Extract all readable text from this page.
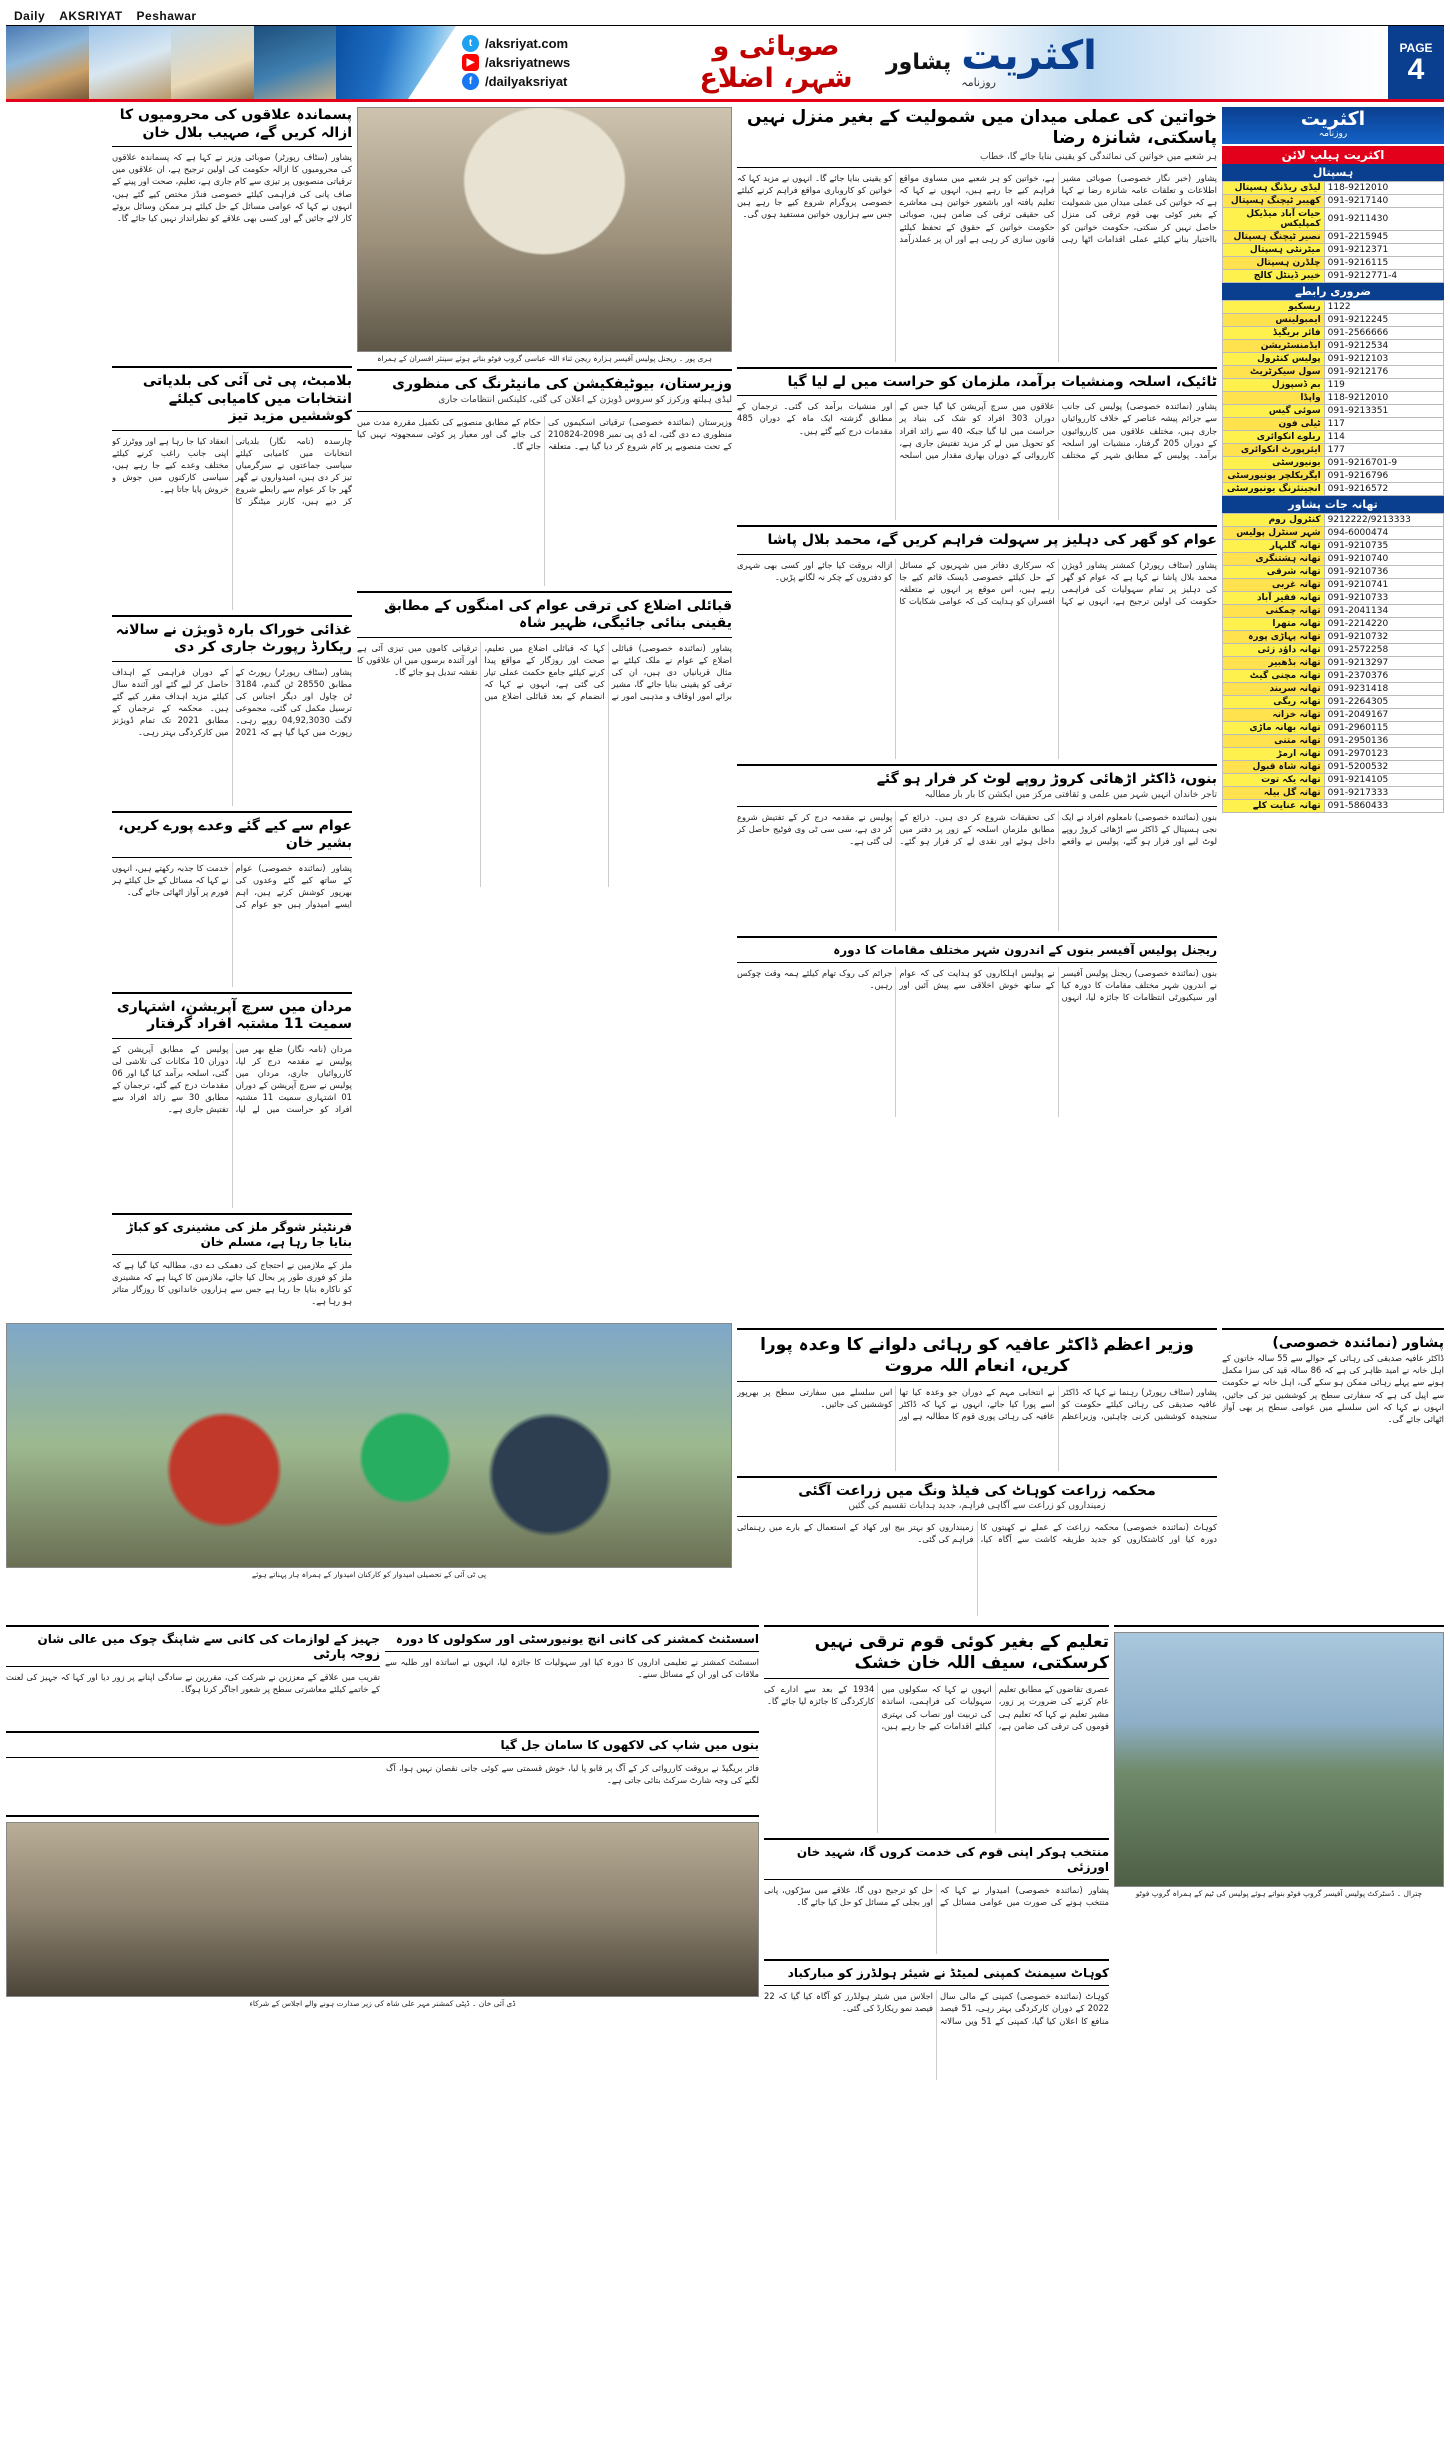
Daily AKSRIYAT Peshawar
t /aksriyat.com
▶ /aksriyatnews
f /dailyaksriyat
صوبائی و شہر، اضلاع	پشاور اکثریت
روزنامہ
PAGE
4
اکثریت
روزنامہ
اکثریت ہیلپ لائن
ہسپتال
118-9212010	لیڈی ریڈنگ ہسپتال
091-9217140	کھیبر ٹیچنگ ہسپتال
091-9211430	حیات آباد میڈیکل کمپلیکس
091-2215945	نصیر ٹیچنگ ہسپتال
091-9212371	میٹرنٹی ہسپتال
091-9216115	چلڈرن ہسپتال
091-9212771-4	خیبر ڈینٹل کالج
ضروری رابطے
1122	ریسکیو
091-9212245	ایمبولینس
091-2566666	فائر بریگیڈ
091-9212534	ایڈمنسٹریشن
091-9212103	پولیس کنٹرول
091-9212176	سول سیکرٹریٹ
119	بم ڈسپوزل
118-9212010	واپڈا
091-9213351	سوئی گیس
117	ٹیلی فون
114	ریلوے انکوائری
177	ایئرپورٹ انکوائری
091-9216701-9	یونیورسٹی
091-9216796	ایگریکلچر یونیورسٹی
091-9216572	انجینئرنگ یونیورسٹی
تھانہ جات پشاور
9212222/9213333	کنٹرول روم
094-6000474	شہر سنٹرل پولیس
091-9210735	تھانہ گلبہار
091-9210740	تھانہ ہشتنگری
091-9210736	تھانہ شرقی
091-9210741	تھانہ غربی
091-9210733	تھانہ فقیر آباد
091-2041134	تھانہ چمکنی
091-2214220	تھانہ متھرا
091-9210732	تھانہ پہاڑی پورہ
091-2572258	تھانہ داؤد زئی
091-9213297	تھانہ بڈھبیر
091-2370376	تھانہ مچنی گیٹ
091-9231418	تھانہ سربند
091-2264305	تھانہ ریگی
091-2049167	تھانہ خزانہ
091-2960115	تھانہ بھانہ ماڑی
091-2950136	تھانہ متنی
091-2970123	تھانہ ارمڑ
091-5200532	تھانہ شاہ قبول
091-9214105	تھانہ یکہ توت
091-9217333	تھانہ گل بیلہ
091-5860433	تھانہ عنایت کلے
خواتین کی عملی میدان میں شمولیت کے بغیر منزل نہیں پاسکتی، شانزہ رضا
ہر شعبے میں خواتین کی نمائندگی کو یقینی بنایا جائے گا، خطاب
پشاور (خبر نگار خصوصی) صوبائی مشیر اطلاعات و تعلقات عامہ شانزہ رضا نے کہا ہے کہ خواتین کی عملی میدان میں شمولیت کے بغیر کوئی بھی قوم ترقی کی منزل حاصل نہیں کر سکتی، حکومت خواتین کو بااختیار بنانے کیلئے عملی اقدامات اٹھا رہی ہے، خواتین کو ہر شعبے میں مساوی مواقع فراہم کیے جا رہے ہیں، انہوں نے کہا کہ تعلیم یافتہ اور باشعور خواتین ہی معاشرے کی حقیقی ترقی کی ضامن ہیں، صوبائی حکومت خواتین کے حقوق کے تحفظ کیلئے قانون سازی کر رہی ہے اور ان پر عملدرآمد کو یقینی بنایا جائے گا۔ انہوں نے مزید کہا کہ خواتین کو کاروباری مواقع فراہم کرنے کیلئے خصوصی پروگرام شروع کیے جا رہے ہیں جس سے ہزاروں خواتین مستفید ہوں گی۔
ٹائیک، اسلحہ ومنشیات برآمد، ملزمان کو حراست میں لے لیا گیا
پشاور (نمائندہ خصوصی) پولیس کی جانب سے جرائم پیشہ عناصر کے خلاف کارروائیاں جاری ہیں، مختلف علاقوں میں کارروائیوں کے دوران 205 گرفتار، منشیات اور اسلحہ برآمد۔ پولیس کے مطابق شہر کے مختلف علاقوں میں سرچ آپریشن کیا گیا جس کے دوران 303 افراد کو شک کی بنیاد پر حراست میں لیا گیا جبکہ 40 سے زائد افراد کو تحویل میں لے کر مزید تفتیش جاری ہے، کارروائی کے دوران بھاری مقدار میں اسلحہ اور منشیات برآمد کی گئی۔ ترجمان کے مطابق گزشتہ ایک ماہ کے دوران 485 مقدمات درج کیے گئے ہیں۔
عوام کو گھر کی دہلیز پر سہولت فراہم کریں گے، محمد بلال پاشا
پشاور (سٹاف رپورٹر) کمشنر پشاور ڈویژن محمد بلال پاشا نے کہا ہے کہ عوام کو گھر کی دہلیز پر تمام سہولیات کی فراہمی حکومت کی اولین ترجیح ہے، انہوں نے کہا کہ سرکاری دفاتر میں شہریوں کے مسائل کے حل کیلئے خصوصی ڈیسک قائم کیے جا رہے ہیں، اس موقع پر انہوں نے متعلقہ افسران کو ہدایت کی کہ عوامی شکایات کا ازالہ بروقت کیا جائے اور کسی بھی شہری کو دفتروں کے چکر نہ لگانے پڑیں۔
بنوں، ڈاکٹر اڑھائی کروڑ روپے لوٹ کر فرار ہو گئے
تاجر خاندان انہیں شہر میں علمی و ثقافتی مرکز میں ایکشن کا بار بار مطالبہ
بنوں (نمائندہ خصوصی) نامعلوم افراد نے ایک نجی ہسپتال کے ڈاکٹر سے اڑھائی کروڑ روپے لوٹ لیے اور فرار ہو گئے، پولیس نے واقعے کی تحقیقات شروع کر دی ہیں۔ ذرائع کے مطابق ملزمان اسلحہ کے زور پر دفتر میں داخل ہوئے اور نقدی لے کر فرار ہو گئے۔ پولیس نے مقدمہ درج کر کے تفتیش شروع کر دی ہے، سی سی ٹی وی فوٹیج حاصل کر لی گئی ہے۔
ریجنل پولیس آفیسر بنوں کے اندرون شہر مختلف مقامات کا دورہ
بنوں (نمائندہ خصوصی) ریجنل پولیس آفیسر نے اندرون شہر مختلف مقامات کا دورہ کیا اور سیکیورٹی انتظامات کا جائزہ لیا، انہوں نے پولیس اہلکاروں کو ہدایت کی کہ عوام کے ساتھ خوش اخلاقی سے پیش آئیں اور جرائم کی روک تھام کیلئے ہمہ وقت چوکس رہیں۔
ہری پور ۔ ریجنل پولیس آفیسر ہزارہ ریجن ثناء اللہ عباسی گروپ فوٹو بناتے ہوئے سینئر افسران کے ہمراہ
وزیرستان، بیوٹیفکیشن کی مانیٹرنگ کی منظوری
لیڈی ہیلتھ ورکرز کو سروس ڈویژن کے اعلان کی گئی، کلینکس انتظامات جاری
وزیرستان (نمائندہ خصوصی) ترقیاتی اسکیموں کی منظوری دے دی گئی، اے ڈی پی نمبر 2098-210824 کے تحت منصوبے پر کام شروع کر دیا گیا ہے۔ متعلقہ حکام کے مطابق منصوبے کی تکمیل مقررہ مدت میں کی جائے گی اور معیار پر کوئی سمجھوتہ نہیں کیا جائے گا۔
قبائلی اضلاع کی ترقی عوام کی امنگوں کے مطابق یقینی بنائی جائیگی، ظہیر شاہ
پشاور (نمائندہ خصوصی) قبائلی اضلاع کے عوام نے ملک کیلئے بے مثال قربانیاں دی ہیں، ان کی ترقی کو یقینی بنایا جائے گا، مشیر برائے امور اوقاف و مذہبی امور نے کہا کہ قبائلی اضلاع میں تعلیم، صحت اور روزگار کے مواقع پیدا کرنے کیلئے جامع حکمت عملی تیار کی گئی ہے، انہوں نے کہا کہ انضمام کے بعد قبائلی اضلاع میں ترقیاتی کاموں میں تیزی آئی ہے اور آئندہ برسوں میں ان علاقوں کا نقشہ تبدیل ہو جائے گا۔
پسماندہ علاقوں کی محرومیوں کا ازالہ کریں گے، صہیب بلال خان
پشاور (سٹاف رپورٹر) صوبائی وزیر نے کہا ہے کہ پسماندہ علاقوں کی محرومیوں کا ازالہ حکومت کی اولین ترجیح ہے، ان علاقوں میں ترقیاتی منصوبوں پر تیزی سے کام جاری ہے، تعلیم، صحت اور پینے کے صاف پانی کی فراہمی کیلئے خصوصی فنڈز مختص کیے گئے ہیں، انہوں نے کہا کہ عوامی مسائل کے حل کیلئے ہر ممکن وسائل بروئے کار لائے جائیں گے اور کسی بھی علاقے کو نظرانداز نہیں کیا جائے گا۔
بلامبٹ، پی ٹی آئی کی بلدیاتی انتخابات میں کامیابی کیلئے کوششیں مزید تیز
چارسدہ (نامہ نگار) بلدیاتی انتخابات میں کامیابی کیلئے سیاسی جماعتوں نے سرگرمیاں تیز کر دی ہیں، امیدواروں نے گھر گھر جا کر عوام سے رابطے شروع کر دیے ہیں، کارنر میٹنگز کا انعقاد کیا جا رہا ہے اور ووٹرز کو اپنی جانب راغب کرنے کیلئے مختلف وعدے کیے جا رہے ہیں، سیاسی کارکنوں میں جوش و خروش پایا جاتا ہے۔
غذائی خوراک بارہ ڈویژن نے سالانہ ریکارڈ رپورٹ جاری کر دی
پشاور (سٹاف رپورٹر) رپورٹ کے مطابق 28550 ٹن گندم، 3184 ٹن چاول اور دیگر اجناس کی ترسیل مکمل کی گئی، مجموعی لاگت 04,92,3030 روپے رہی۔ رپورٹ میں کہا گیا ہے کہ 2021 کے دوران فراہمی کے اہداف حاصل کر لیے گئے اور آئندہ سال کیلئے مزید اہداف مقرر کیے گئے ہیں۔ محکمہ کے ترجمان کے مطابق 2021 تک تمام ڈویژنز میں کارکردگی بہتر رہی۔
عوام سے کیے گئے وعدے پورے کریں، بشیر خان
پشاور (نمائندہ خصوصی) عوام کے ساتھ کیے گئے وعدوں کی بھرپور کوشش کرتے ہیں، اہم ایسے امیدوار ہیں جو عوام کی خدمت کا جذبہ رکھتے ہیں، انہوں نے کہا کہ مسائل کے حل کیلئے ہر فورم پر آواز اٹھائی جائے گی۔
مردان میں سرچ آپریشن، اشتہاری سمیت 11 مشتبہ افراد گرفتار
مردان (نامہ نگار) ضلع بھر میں پولیس نے مقدمہ درج کر لیا، کارروائیاں جاری، مردان میں پولیس نے سرچ آپریشن کے دوران 01 اشتہاری سمیت 11 مشتبہ افراد کو حراست میں لے لیا، پولیس کے مطابق آپریشن کے دوران 10 مکانات کی تلاشی لی گئی، اسلحہ برآمد کیا گیا اور 06 مقدمات درج کیے گئے، ترجمان کے مطابق 30 سے زائد افراد سے تفتیش جاری ہے۔
فرنٹیئر شوگر ملز کی مشینری کو کباڑ بنایا جا رہا ہے، مسلم خان
ملز کے ملازمین نے احتجاج کی دھمکی دے دی، مطالبہ کیا گیا ہے کہ ملز کو فوری طور پر بحال کیا جائے، ملازمین کا کہنا ہے کہ مشینری کو ناکارہ بنایا جا رہا ہے جس سے ہزاروں خاندانوں کا روزگار متاثر ہو رہا ہے۔
پشاور (نمائندہ خصوصی)
ڈاکٹر عافیہ صدیقی کی رہائی کے حوالے سے 55 سالہ خاتون کے اہل خانہ نے امید ظاہر کی ہے کہ 86 سالہ قید کی سزا مکمل ہونے سے پہلے رہائی ممکن ہو سکے گی، اہل خانہ نے حکومت سے اپیل کی ہے کہ سفارتی سطح پر کوششیں تیز کی جائیں، انہوں نے کہا کہ اس سلسلے میں عوامی سطح پر بھی آواز اٹھائی جائے گی۔
وزیر اعظم ڈاکٹر عافیہ کو رہائی دلوانے کا وعدہ پورا کریں، انعام اللہ مروت
پشاور (سٹاف رپورٹر) رہنما نے کہا کہ ڈاکٹر عافیہ صدیقی کی رہائی کیلئے حکومت کو سنجیدہ کوششیں کرنی چاہئیں، وزیراعظم نے انتخابی مہم کے دوران جو وعدہ کیا تھا اسے پورا کیا جائے، انہوں نے کہا کہ ڈاکٹر عافیہ کی رہائی پوری قوم کا مطالبہ ہے اور اس سلسلے میں سفارتی سطح پر بھرپور کوششیں کی جائیں۔
محکمہ زراعت کوہاٹ کی فیلڈ ونگ میں زراعت آگئی
زمینداروں کو زراعت سے آگاہی فراہم، جدید ہدایات تقسیم کی گئیں
کوہاٹ (نمائندہ خصوصی) محکمہ زراعت کے عملے نے کھیتوں کا دورہ کیا اور کاشتکاروں کو جدید طریقہ کاشت سے آگاہ کیا، زمینداروں کو بہتر بیج اور کھاد کے استعمال کے بارے میں رہنمائی فراہم کی گئی۔
پی ٹی آئی کے تحصیلی امیدوار کو کارکنان امیدوار کے ہمراہ ہار پہناتے ہوئے
چترال ۔ ڈسٹرکٹ پولیس آفیسر گروپ فوٹو بنواتے ہوئے پولیس کی ٹیم کے ہمراہ گروپ فوٹو
تعلیم کے بغیر کوئی قوم ترقی نہیں کرسکتی، سیف اللہ خان خشک
عصری تقاضوں کے مطابق تعلیم عام کرنے کی ضرورت پر زور، مشیر تعلیم نے کہا کہ تعلیم ہی قوموں کی ترقی کی ضامن ہے، انہوں نے کہا کہ سکولوں میں سہولیات کی فراہمی، اساتذہ کی تربیت اور نصاب کی بہتری کیلئے اقدامات کیے جا رہے ہیں، 1934 کے بعد سے ادارے کی کارکردگی کا جائزہ لیا جائے گا۔
منتخب ہوکر اپنی قوم کی خدمت کروں گا، شہید خان اورزئی
پشاور (نمائندہ خصوصی) امیدوار نے کہا کہ منتخب ہونے کی صورت میں عوامی مسائل کے حل کو ترجیح دوں گا، علاقے میں سڑکوں، پانی اور بجلی کے مسائل کو حل کیا جائے گا۔
کوہاٹ سیمنٹ کمپنی لمیٹڈ نے شیئر ہولڈرز کو مبارکباد
کوہاٹ (نمائندہ خصوصی) کمپنی کے مالی سال 2022 کے دوران کارکردگی بہتر رہی، 51 فیصد منافع کا اعلان کیا گیا، کمپنی کے 51 ویں سالانہ اجلاس میں شیئر ہولڈرز کو آگاہ کیا گیا کہ 22 فیصد نمو ریکارڈ کی گئی۔
اسسٹنٹ کمشنر کی کانی انچ یونیورسٹی اور سکولوں کا دورہ
اسسٹنٹ کمشنر نے تعلیمی اداروں کا دورہ کیا اور سہولیات کا جائزہ لیا، انہوں نے اساتذہ اور طلبہ سے ملاقات کی اور ان کے مسائل سنے۔
جہیز کے لوازمات کی کانی سے شاپنگ چوک میں عالی شان زوجہ پارٹی
تقریب میں علاقے کے معززین نے شرکت کی، مقررین نے سادگی اپنانے پر زور دیا اور کہا کہ جہیز کی لعنت کے خاتمے کیلئے معاشرتی سطح پر شعور اجاگر کرنا ہوگا۔
بنوں میں شاپ کی لاکھوں کا سامان جل گیا
فائر بریگیڈ نے بروقت کارروائی کر کے آگ پر قابو پا لیا، خوش قسمتی سے کوئی جانی نقصان نہیں ہوا، آگ لگنے کی وجہ شارٹ سرکٹ بتائی جاتی ہے۔
ڈی آئی خان ۔ ڈپٹی کمشنر مہر علی شاہ کی زیر صدارت ہونے والے اجلاس کے شرکاء
